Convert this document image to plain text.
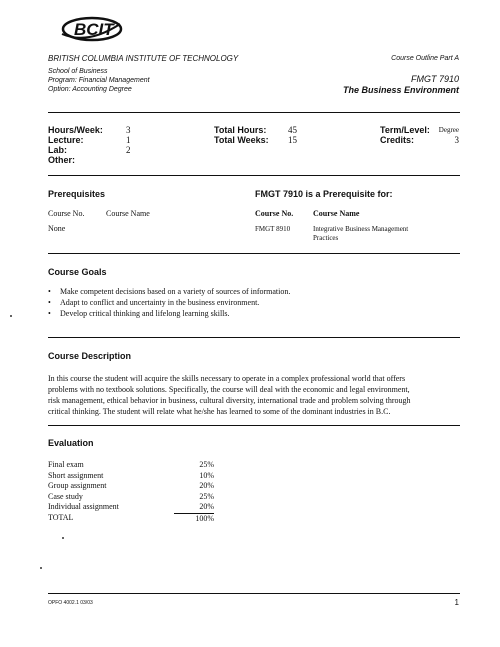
BCIT
BRITISH COLUMBIA INSTITUTE OF TECHNOLOGY	Course Outline Part A
School of Business
Program: Financial Management
Option: Accounting Degree
FMGT 7910
The Business Environment
Hours/Week:	3
Lecture:	1
Lab:	2
Other:
Total Hours: 45
Total Weeks: 15
Term/Level: Degree
Credits:	3
Prerequisites
Course No.	Course Name
None
FMGT 7910 is a Prerequisite for:
Course No. Course Name
FMGT 8910	Integrative Business Management
Practices
Course Goals
• Make competent decisions based on a variety of sources of information.
• Adapt to conflict and uncertainty in the business environment.
• Develop critical thinking and lifelong learning skills.
Course Description
In this course the student will acquire the skills necessary to operate in a complex professional world that offers
problems with no textbook solutions. Specifically, the course will deal with the economic and legal environment,
risk management, ethical behavior in business, cultural diversity, international trade and problem solving through
critical thinking. The student will relate what he/she has learned to some of the dominant industries in B.C.
Evaluation
Final exam	25%
Short assignment	10%
Group assignment	20%
Case study	25%
Individual assignment	20%
TOTAL	100%
OPFO 4002.1 03/03	1
